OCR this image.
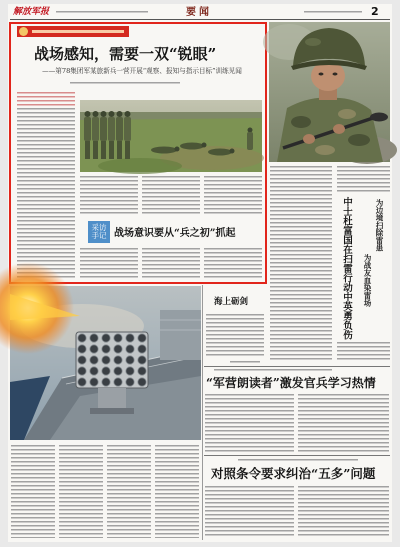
解放军报	要闻	2
战场感知，需要一双“锐眼”
——第78集团军某旅新兵一营开展“观察、报知与指示目标”训练见闻
采访手记 战场意识要从“兵之初”抓起	中士杜富国在扫雷行动中英勇负伤	为边境扫除雷患
为战友血染雷场
海上砺剑
“军营朗读者”激发官兵学习热情
对照条令要求纠治“五多”问题
